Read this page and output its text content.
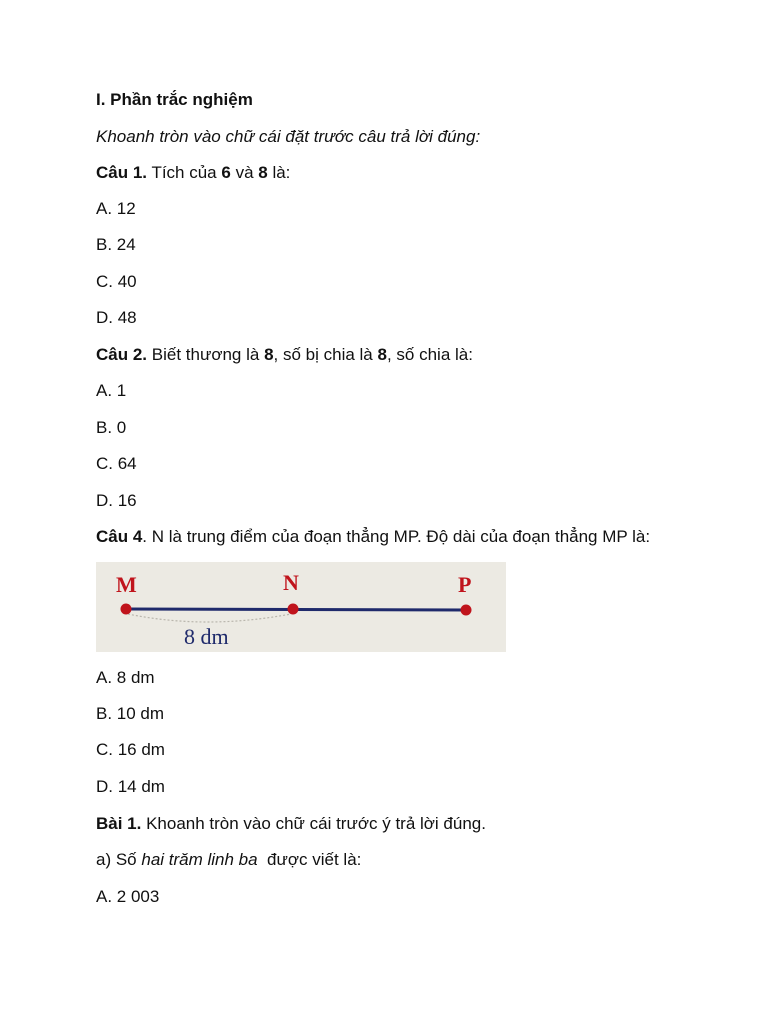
I. Phần trắc nghiệm
Khoanh tròn vào chữ cái đặt trước câu trả lời đúng:
Câu 1. Tích của 6 và 8 là:
A. 12
B. 24
C. 40
D. 48
Câu 2. Biết thương là 8, số bị chia là 8, số chia là:
A. 1
B. 0
C. 64
D. 16
Câu 4. N là trung điểm của đoạn thẳng MP. Độ dài của đoạn thẳng MP là:
M	N	P
8 dm
A. 8 dm
B. 10 dm
C. 16 dm
D. 14 dm
Bài 1. Khoanh tròn vào chữ cái trước ý trả lời đúng.
a) Số hai trăm linh ba  được viết là:
A. 2 003
